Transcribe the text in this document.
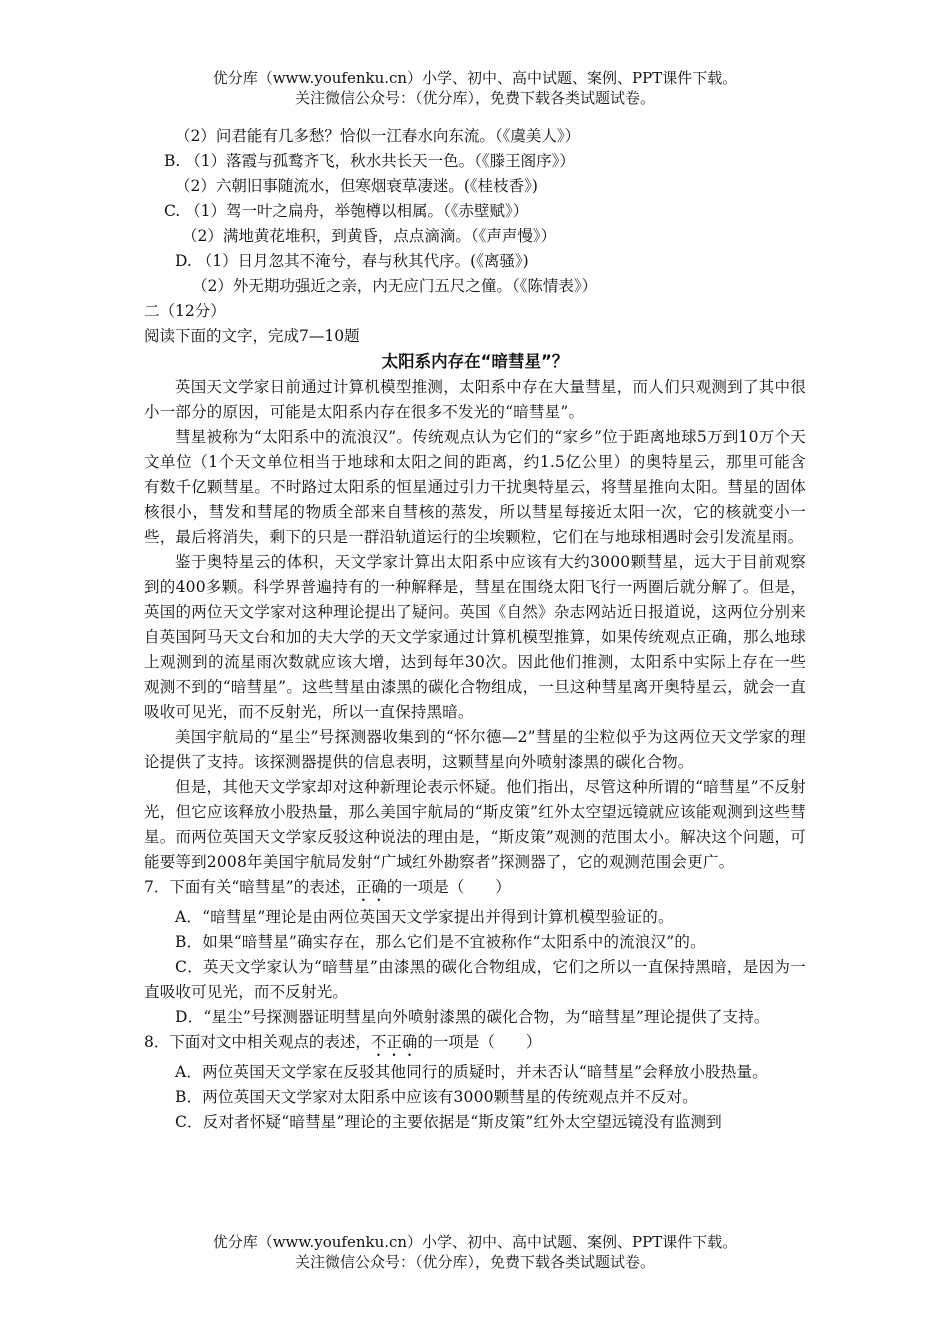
优分库（www.youfenku.cn）小学、初中、高中试题、案例、PPT课件下载。
关注微信公众号：（优分库），免费下载各类试题试卷。

（2）问君能有几多愁？恰似一江春水向东流。（《虞美人》）

B. （1）落霞与孤鹜齐飞，秋水共长天一色。（《滕王阁序》）

（2）六朝旧事随流水，但寒烟衰草凄迷。(《桂枝香》)

C. （1）驾一叶之扁舟，举匏樽以相属。（《赤壁赋》）

（2）满地黄花堆积，到黄昏，点点滴滴。（《声声慢》）

D. （1）日月忽其不淹兮，春与秋其代序。(《离骚》)

（2）外无期功强近之亲，内无应门五尺之僮。（《陈情表》）

二（12分）

阅读下面的文字，完成7—10题

太阳系内存在“暗彗星”？

英国天文学家日前通过计算机模型推测，太阳系中存在大量彗星，而人们只观测到了其中很小一部分的原因，可能是太阳系内存在很多不发光的“暗彗星”。

彗星被称为“太阳系中的流浪汉”。传统观点认为它们的“家乡”位于距离地球5万到10万个天文单位（1个天文单位相当于地球和太阳之间的距离，约1.5亿公里）的奥特星云，那里可能含有数千亿颗彗星。不时路过太阳系的恒星通过引力干扰奥特星云，将彗星推向太阳。彗星的固体核很小，彗发和彗尾的物质全部来自彗核的蒸发，所以彗星每接近太阳一次，它的核就变小一些，最后将消失，剩下的只是一群沿轨道运行的尘埃颗粒，它们在与地球相遇时会引发流星雨。

鉴于奥特星云的体积，天文学家计算出太阳系中应该有大约3000颗彗星，远大于目前观察到的400多颗。科学界普遍持有的一种解释是，彗星在围绕太阳飞行一两圈后就分解了。但是，英国的两位天文学家对这种理论提出了疑问。英国《自然》杂志网站近日报道说，这两位分别来自英国阿马天文台和加的夫大学的天文学家通过计算机模型推算，如果传统观点正确，那么地球上观测到的流星雨次数就应该大增，达到每年30次。因此他们推测，太阳系中实际上存在一些观测不到的“暗彗星”。这些彗星由漆黑的碳化合物组成，一旦这种彗星离开奥特星云，就会一直吸收可见光，而不反射光，所以一直保持黑暗。

美国宇航局的“星尘”号探测器收集到的“怀尔德—2”彗星的尘粒似乎为这两位天文学家的理论提供了支持。该探测器提供的信息表明，这颗彗星向外喷射漆黑的碳化合物。

但是，其他天文学家却对这种新理论表示怀疑。他们指出，尽管这种所谓的“暗彗星”不反射光，但它应该释放小股热量，那么美国宇航局的“斯皮策”红外太空望远镜就应该能观测到这些彗星。而两位英国天文学家反驳这种说法的理由是，“斯皮策”观测的范围太小。解决这个问题，可能要等到2008年美国宇航局发射“广域红外勘察者”探测器了，它的观测范围会更广。

7．下面有关“暗彗星”的表述，正确的一项是（　　）

A．“暗彗星”理论是由两位英国天文学家提出并得到计算机模型验证的。

B．如果“暗彗星”确实存在，那么它们是不宜被称作“太阳系中的流浪汉”的。

C．英天文学家认为“暗彗星”由漆黑的碳化合物组成，它们之所以一直保持黑暗，是因为一直吸收可见光，而不反射光。

D．“星尘”号探测器证明彗星向外喷射漆黑的碳化合物，为“暗彗星”理论提供了支持。

8．下面对文中相关观点的表述，不正确的一项是（　　）

A．两位英国天文学家在反驳其他同行的质疑时，并未否认“暗彗星”会释放小股热量。

B．两位英国天文学家对太阳系中应该有3000颗彗星的传统观点并不反对。

C．反对者怀疑“暗彗星”理论的主要依据是“斯皮策”红外太空望远镜没有监测到

优分库（www.youfenku.cn）小学、初中、高中试题、案例、PPT课件下载。
关注微信公众号：（优分库），免费下载各类试题试卷。
